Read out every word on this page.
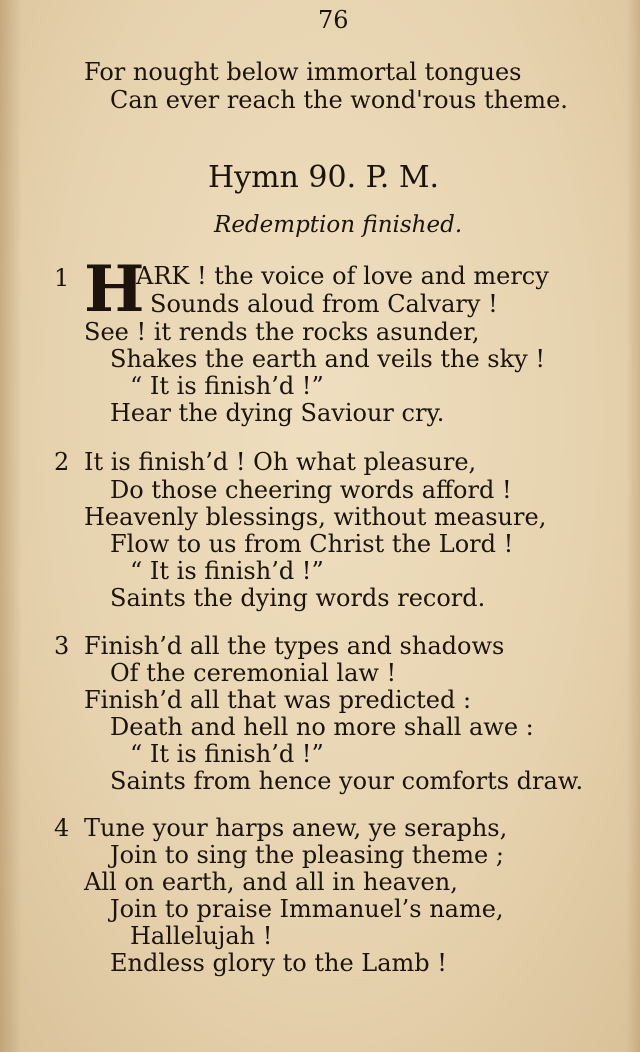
76
For nought below immortal tongues
Can ever reach the wond'rous theme.
Hymn 90. P. M.
Redemption finished.
1 H
ARK ! the voice of love and mercy
Sounds aloud from Calvary !
See ! it rends the rocks asunder,
Shakes the earth and veils the sky !
“ It is finish’d !”
Hear the dying Saviour cry.
2 It is finish’d ! Oh what pleasure,
Do those cheering words afford !
Heavenly blessings, without measure,
Flow to us from Christ the Lord !
“ It is finish’d !”
Saints the dying words record.
3 Finish’d all the types and shadows
Of the ceremonial law !
Finish’d all that was predicted :
Death and hell no more shall awe :
“ It is finish’d !”
Saints from hence your comforts draw.
4 Tune your harps anew, ye seraphs,
Join to sing the pleasing theme ;
All on earth, and all in heaven,
Join to praise Immanuel’s name,
Hallelujah !
Endless glory to the Lamb !
